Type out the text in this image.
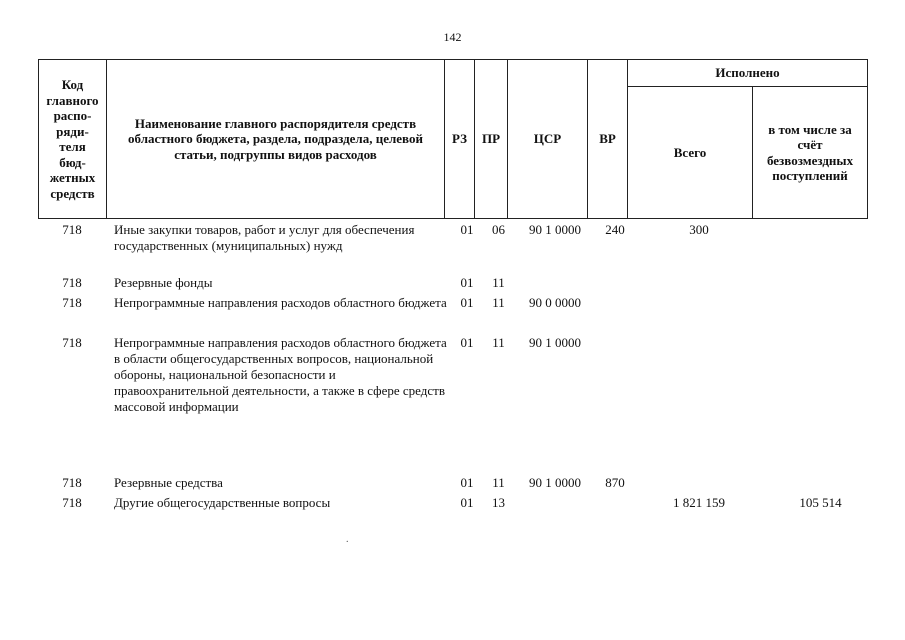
142
Код главного распо-ряди-теля бюд-жетных средств
Наименование главного распорядителя средств областного бюджета, раздела, подраздела, целевой статьи, подгруппы видов расходов
РЗ ПР	ЦСР	ВР
Исполнено
Всего
в том числе за счёт безвозмездных поступлений
718	Иные закупки товаров, работ и услуг для обеспечения государственных (муниципальных) нужд	01	06	90 1 0000	240	300	
718	Резервные фонды	01	11				
718	Непрограммные направления расходов областного бюджета	01	11	90 0 0000			
718	Непрограммные направления расходов областного бюджета в области общегосударственных вопросов, национальной обороны, национальной безопасности и правоохранительной деятельности, а также в сфере средств массовой информации	01	11	90 1 0000			
718	Резервные средства	01	11	90 1 0000	870		
718	Другие общегосударственные вопросы	01	13			1 821 159	105 514
.
